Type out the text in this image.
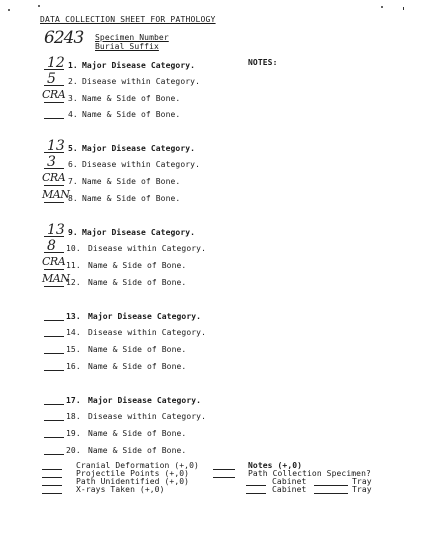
DATA COLLECTION SHEET FOR PATHOLOGY
6243 Specimen Number
Burial Suffix
NOTES:
12 1. Major Disease Category.
5 2. Disease within Category.
CRA 3. Name & Side of Bone.
4. Name & Side of Bone.
13 5. Major Disease Category.
3 6. Disease within Category.
CRA 7. Name & Side of Bone.
MAN
8. Name & Side of Bone.
13 9. Major Disease Category.
8 10. Disease within Category.
CRA 11. Name & Side of Bone.
MAN
12. Name & Side of Bone.
13. Major Disease Category.
14. Disease within Category.
15. Name & Side of Bone.
16. Name & Side of Bone.
17. Major Disease Category.
18. Disease within Category.
19. Name & Side of Bone.
20. Name & Side of Bone.
Cranial Deformation (+,0)
Projectile Points (+,0)
Path Unidentified (+,0)
X-rays Taken (+,0)
Notes (+,0)
Path Collection Specimen?
Cabinet	Tray
Cabinet	Tray
